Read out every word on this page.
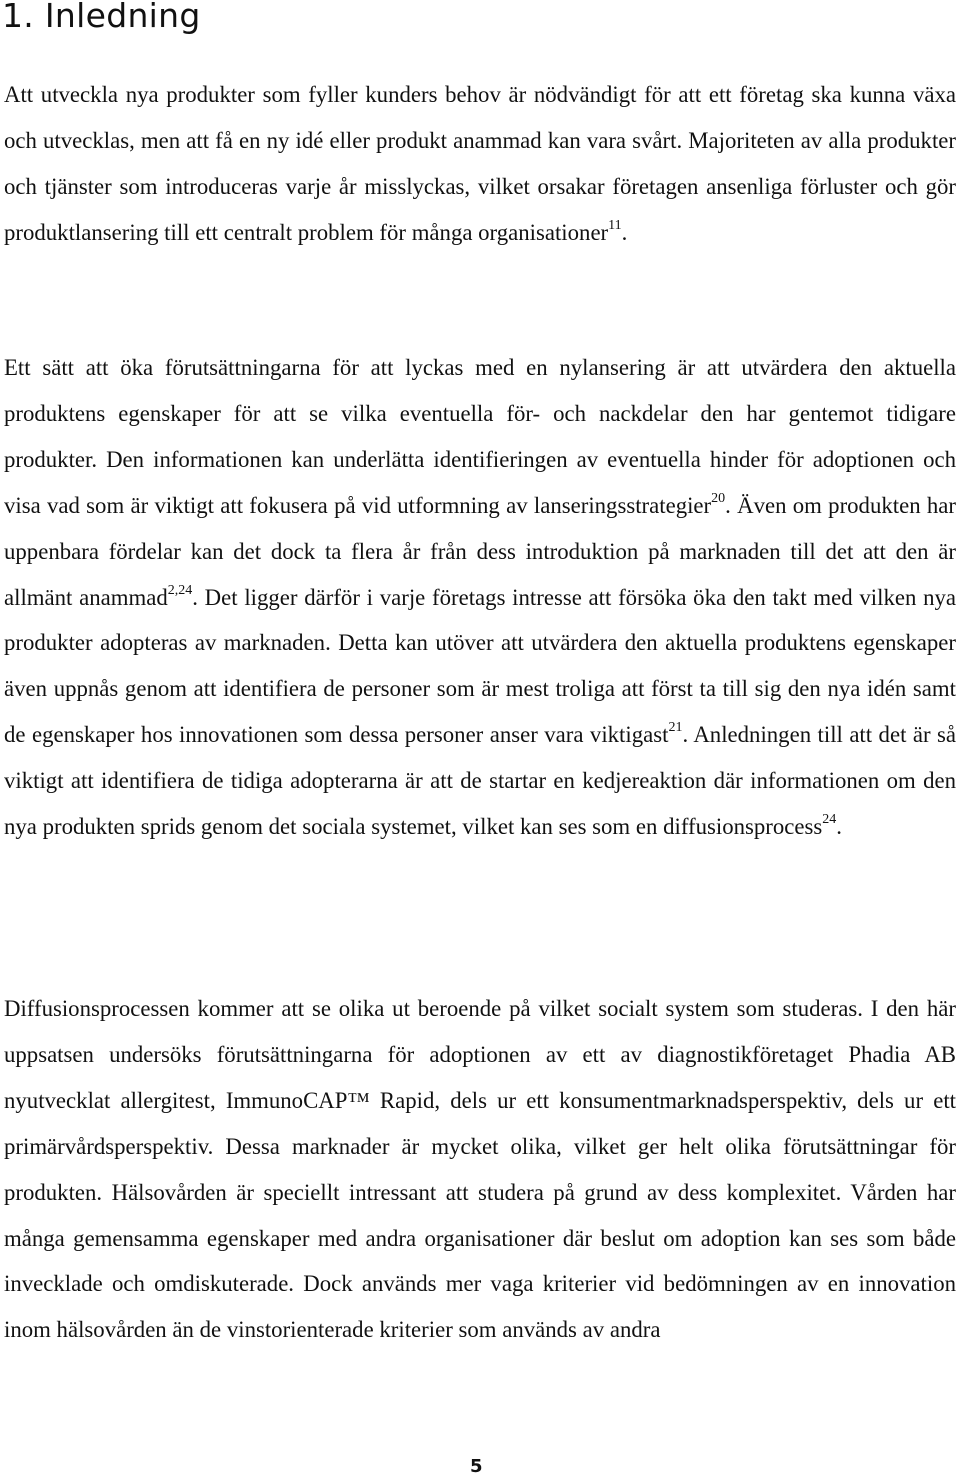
1. Inledning

Att utveckla nya produkter som fyller kunders behov är nödvändigt för att ett företag ska kunna växa och utvecklas, men att få en ny idé eller produkt anammad kan vara svårt. Majoriteten av alla produkter och tjänster som introduceras varje år misslyckas, vilket orsakar företagen ansenliga förluster och gör produktlansering till ett centralt problem för många organisationer$^{11}$.

Ett sätt att öka förutsättningarna för att lyckas med en nylansering är att utvärdera den aktuella produktens egenskaper för att se vilka eventuella för- och nackdelar den har gentemot tidigare produkter. Den informationen kan underlätta identifieringen av eventuella hinder för adoptionen och visa vad som är viktigt att fokusera på vid utformning av lanseringsstrategier$^{20}$. Även om produkten har uppenbara fördelar kan det dock ta flera år från dess introduktion på marknaden till det att den är allmänt anammad$^{2,24}$. Det ligger därför i varje företags intresse att försöka öka den takt med vilken nya produkter adopteras av marknaden. Detta kan utöver att utvärdera den aktuella produktens egenskaper även uppnås genom att identifiera de personer som är mest troliga att först ta till sig den nya idén samt de egenskaper hos innovationen som dessa personer anser vara viktigast$^{21}$. Anledningen till att det är så viktigt att identifiera de tidiga adopterarna är att de startar en kedjereaktion där informationen om den nya produkten sprids genom det sociala systemet, vilket kan ses som en diffusionsprocess$^{24}$.

Diffusionsprocessen kommer att se olika ut beroende på vilket socialt system som studeras. I den här uppsatsen undersöks förutsättningarna för adoptionen av ett av diagnostikföretaget Phadia AB nyutvecklat allergitest, ImmunoCAP™ Rapid, dels ur ett konsumentmarknadsperspektiv, dels ur ett primärvårdsperspektiv. Dessa marknader är mycket olika, vilket ger helt olika förutsättningar för produkten. Hälsovården är speciellt intressant att studera på grund av dess komplexitet. Vården har många gemensamma egenskaper med andra organisationer där beslut om adoption kan ses som både invecklade och omdiskuterade. Dock används mer vaga kriterier vid bedömningen av en innovation inom hälsovården än de vinstorienterade kriterier som används av andra

5
